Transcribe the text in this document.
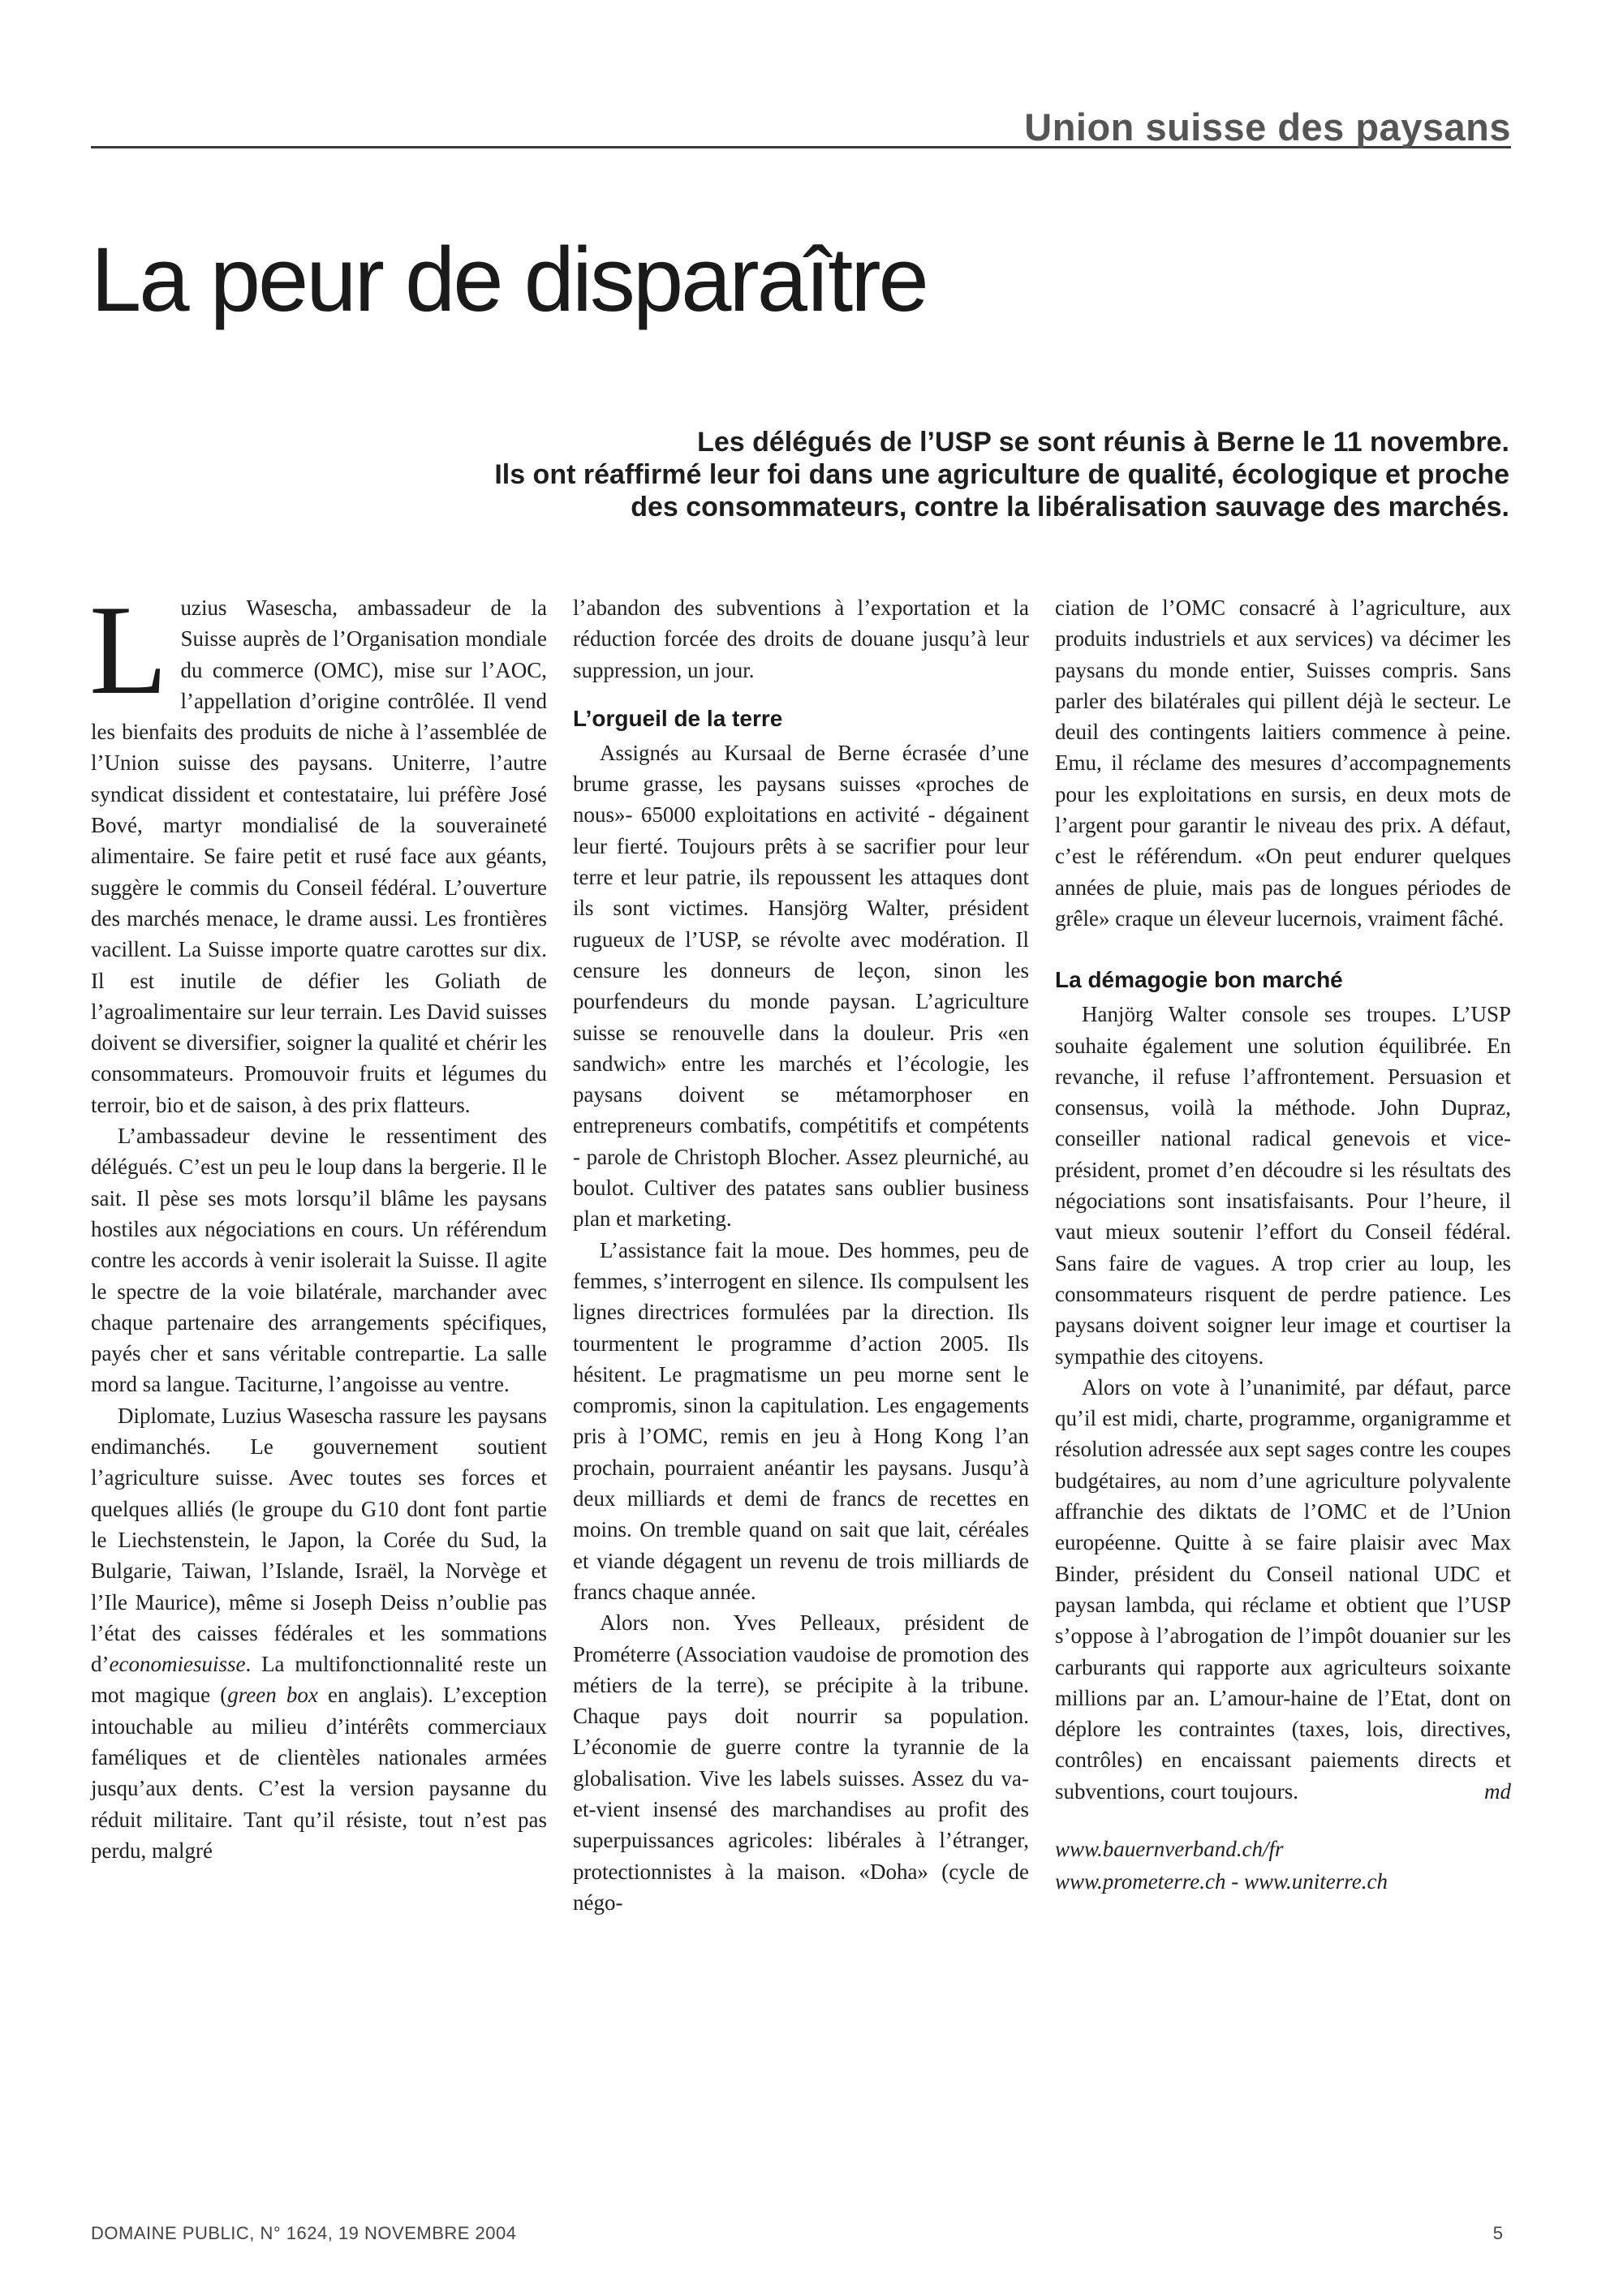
Union suisse des paysans
La peur de disparaître
Les délégués de l’USP se sont réunis à Berne le 11 novembre.
Ils ont réaffirmé leur foi dans une agriculture de qualité, écologique et proche
des consommateurs, contre la libéralisation sauvage des marchés.

Luzius Wasescha, ambassadeur de la Suisse auprès de l’Organisation mondiale du commerce (OMC), mise sur l’AOC, l’appellation d’origine contrôlée. Il vend les bienfaits des produits de niche à l’assemblée de l’Union suisse des paysans. Uniterre, l’autre syndicat dissident et contestataire, lui préfère José Bové, martyr mondialisé de la souveraineté alimentaire. Se faire petit et rusé face aux géants, suggère le commis du Conseil fédéral. L’ouverture des marchés menace, le drame aussi. Les frontières vacillent. La Suisse importe quatre carottes sur dix. Il est inutile de défier les Goliath de l’agroalimentaire sur leur terrain. Les David suisses doivent se diversifier, soigner la qualité et chérir les consommateurs. Promouvoir fruits et légumes du terroir, bio et de saison, à des prix flatteurs.

L’ambassadeur devine le ressentiment des délégués. C’est un peu le loup dans la bergerie. Il le sait. Il pèse ses mots lorsqu’il blâme les paysans hostiles aux négociations en cours. Un référendum contre les accords à venir isolerait la Suisse. Il agite le spectre de la voie bilatérale, marchander avec chaque partenaire des arrangements spécifiques, payés cher et sans véritable contrepartie. La salle mord sa langue. Taciturne, l’angoisse au ventre.

Diplomate, Luzius Wasescha rassure les paysans endimanchés. Le gouvernement soutient l’agriculture suisse. Avec toutes ses forces et quelques alliés (le groupe du G10 dont font partie le Liechstenstein, le Japon, la Corée du Sud, la Bulgarie, Taiwan, l’Islande, Israël, la Norvège et l’Ile Maurice), même si Joseph Deiss n’oublie pas l’état des caisses fédérales et les sommations d’economiesuisse. La multifonctionnalité reste un mot magique (green box en anglais). L’exception intouchable au milieu d’intérêts commerciaux faméliques et de clientèles nationales armées jusqu’aux dents. C’est la version paysanne du réduit militaire. Tant qu’il résiste, tout n’est pas perdu, malgré

l’abandon des subventions à l’exportation et la réduction forcée des droits de douane jusqu’à leur suppression, un jour.

L’orgueil de la terre

Assignés au Kursaal de Berne écrasée d’une brume grasse, les paysans suisses «proches de nous»- 65000 exploitations en activité - dégainent leur fierté. Toujours prêts à se sacrifier pour leur terre et leur patrie, ils repoussent les attaques dont ils sont victimes. Hansjörg Walter, président rugueux de l’USP, se révolte avec modération. Il censure les donneurs de leçon, sinon les pourfendeurs du monde paysan. L’agriculture suisse se renouvelle dans la douleur. Pris «en sandwich» entre les marchés et l’écologie, les paysans doivent se métamorphoser en entrepreneurs combatifs, compétitifs et compétents - parole de Christoph Blocher. Assez pleurniché, au boulot. Cultiver des patates sans oublier business plan et marketing.

L’assistance fait la moue. Des hommes, peu de femmes, s’interrogent en silence. Ils compulsent les lignes directrices formulées par la direction. Ils tourmentent le programme d’action 2005. Ils hésitent. Le pragmatisme un peu morne sent le compromis, sinon la capitulation. Les engagements pris à l’OMC, remis en jeu à Hong Kong l’an prochain, pourraient anéantir les paysans. Jusqu’à deux milliards et demi de francs de recettes en moins. On tremble quand on sait que lait, céréales et viande dégagent un revenu de trois milliards de francs chaque année.

Alors non. Yves Pelleaux, président de Prométerre (Association vaudoise de promotion des métiers de la terre), se précipite à la tribune. Chaque pays doit nourrir sa population. L’économie de guerre contre la tyrannie de la globalisation. Vive les labels suisses. Assez du va-et-vient insensé des marchandises au profit des superpuissances agricoles: libérales à l’étranger, protectionnistes à la maison. «Doha» (cycle de négo-

ciation de l’OMC consacré à l’agriculture, aux produits industriels et aux services) va décimer les paysans du monde entier, Suisses compris. Sans parler des bilatérales qui pillent déjà le secteur. Le deuil des contingents laitiers commence à peine. Emu, il réclame des mesures d’accompagnements pour les exploitations en sursis, en deux mots de l’argent pour garantir le niveau des prix. A défaut, c’est le référendum. «On peut endurer quelques années de pluie, mais pas de longues périodes de grêle» craque un éleveur lucernois, vraiment fâché.

La démagogie bon marché

Hanjörg Walter console ses troupes. L’USP souhaite également une solution équilibrée. En revanche, il refuse l’affrontement. Persuasion et consensus, voilà la méthode. John Dupraz, conseiller national radical genevois et vice-président, promet d’en découdre si les résultats des négociations sont insatisfaisants. Pour l’heure, il vaut mieux soutenir l’effort du Conseil fédéral. Sans faire de vagues. A trop crier au loup, les consommateurs risquent de perdre patience. Les paysans doivent soigner leur image et courtiser la sympathie des citoyens.

Alors on vote à l’unanimité, par défaut, parce qu’il est midi, charte, programme, organigramme et résolution adressée aux sept sages contre les coupes budgétaires, au nom d’une agriculture polyvalente affranchie des diktats de l’OMC et de l’Union européenne. Quitte à se faire plaisir avec Max Binder, président du Conseil national UDC et paysan lambda, qui réclame et obtient que l’USP s’oppose à l’abrogation de l’impôt douanier sur les carburants qui rapporte aux agriculteurs soixante millions par an. L’amour-haine de l’Etat, dont on déplore les contraintes (taxes, lois, directives, contrôles) en encaissant paiements directs et subventions, court toujours.	md

www.bauernverband.ch/fr
www.prometerre.ch - www.uniterre.ch
DOMAINE PUBLIC, N° 1624, 19 NOVEMBRE 2004	5
